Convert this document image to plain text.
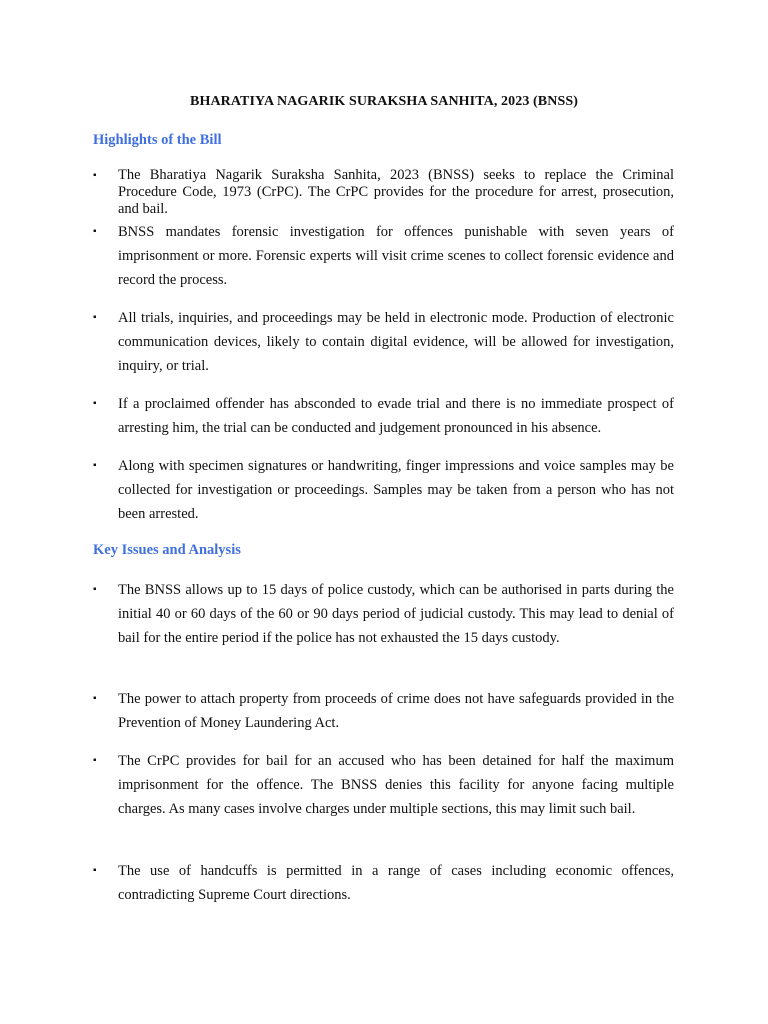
BHARATIYA NAGARIK SURAKSHA SANHITA, 2023 (BNSS)
Highlights of the Bill
▪	The Bharatiya Nagarik Suraksha Sanhita, 2023 (BNSS) seeks to replace the Criminal Procedure Code, 1973 (CrPC). The CrPC provides for the procedure for arrest, prosecution, and bail.
▪	BNSS mandates forensic investigation for offences punishable with seven years of imprisonment or more. Forensic experts will visit crime scenes to collect forensic evidence and record the process.
▪	All trials, inquiries, and proceedings may be held in electronic mode. Production of electronic communication devices, likely to contain digital evidence, will be allowed for investigation, inquiry, or trial.
▪	If a proclaimed offender has absconded to evade trial and there is no immediate prospect of arresting him, the trial can be conducted and judgement pronounced in his absence.
▪	Along with specimen signatures or handwriting, finger impressions and voice samples may be collected for investigation or proceedings. Samples may be taken from a person who has not been arrested.
Key Issues and Analysis
▪	The BNSS allows up to 15 days of police custody, which can be authorised in parts during the initial 40 or 60 days of the 60 or 90 days period of judicial custody. This may lead to denial of bail for the entire period if the police has not exhausted the 15 days custody.
▪	The power to attach property from proceeds of crime does not have safeguards provided in the Prevention of Money Laundering Act.
▪	The CrPC provides for bail for an accused who has been detained for half the maximum imprisonment for the offence. The BNSS denies this facility for anyone facing multiple charges. As many cases involve charges under multiple sections, this may limit such bail.
▪	The use of handcuffs is permitted in a range of cases including economic offences, contradicting Supreme Court directions.
